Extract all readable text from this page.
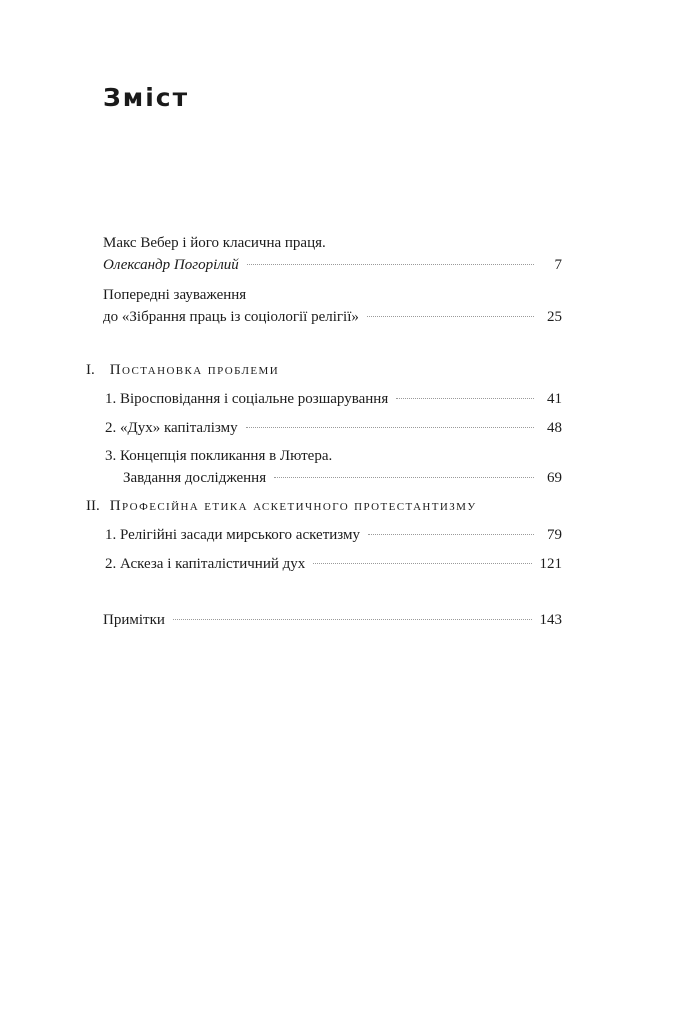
Зміст
Макс Вебер і його класична праця.
Олександр Погорілий	7
Попередні зауваження
до «Зібрання праць із соціології релігії»	25
I. Постановка проблеми
1. Віросповідання і соціальне розшарування	41
2. «Дух» капіталізму	48
3. Концепція покликання в Лютера.
Завдання дослідження	69
II. Професійна етика аскетичного протестантизму
1. Релігійні засади мирського аскетизму	79
2. Аскеза і капіталістичний дух	121
Примітки	143
